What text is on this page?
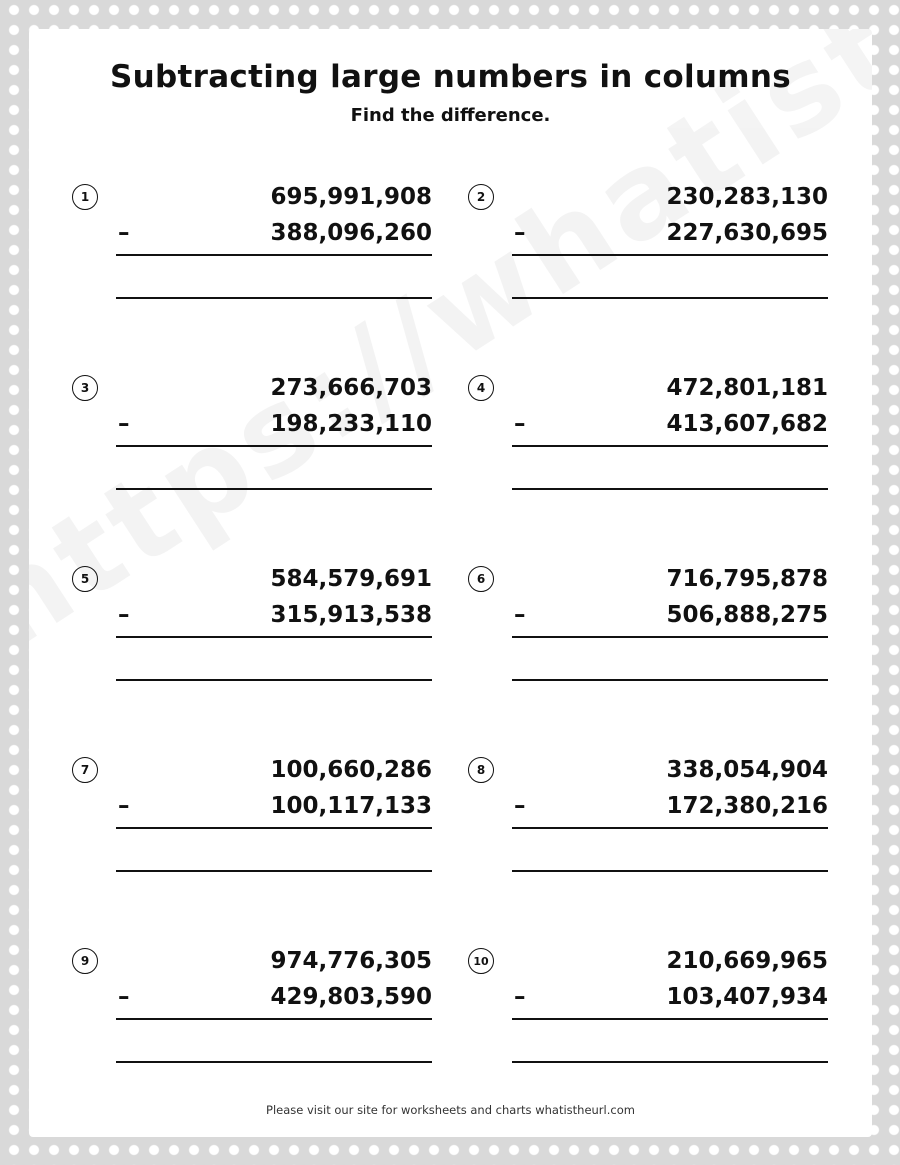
Subtracting large numbers in columns
Find the difference.
1	695,991,908
–	388,096,260
2	230,283,130
–	227,630,695
3	273,666,703
–	198,233,110
4	472,801,181
–	413,607,682
5	584,579,691
–	315,913,538
6	716,795,878
–	506,888,275
7	100,660,286
–	100,117,133
8	338,054,904
–	172,380,216
9	974,776,305
–	429,803,590
10	210,669,965
–	103,407,934
Please visit our site for worksheets and charts whatistheurl.com
